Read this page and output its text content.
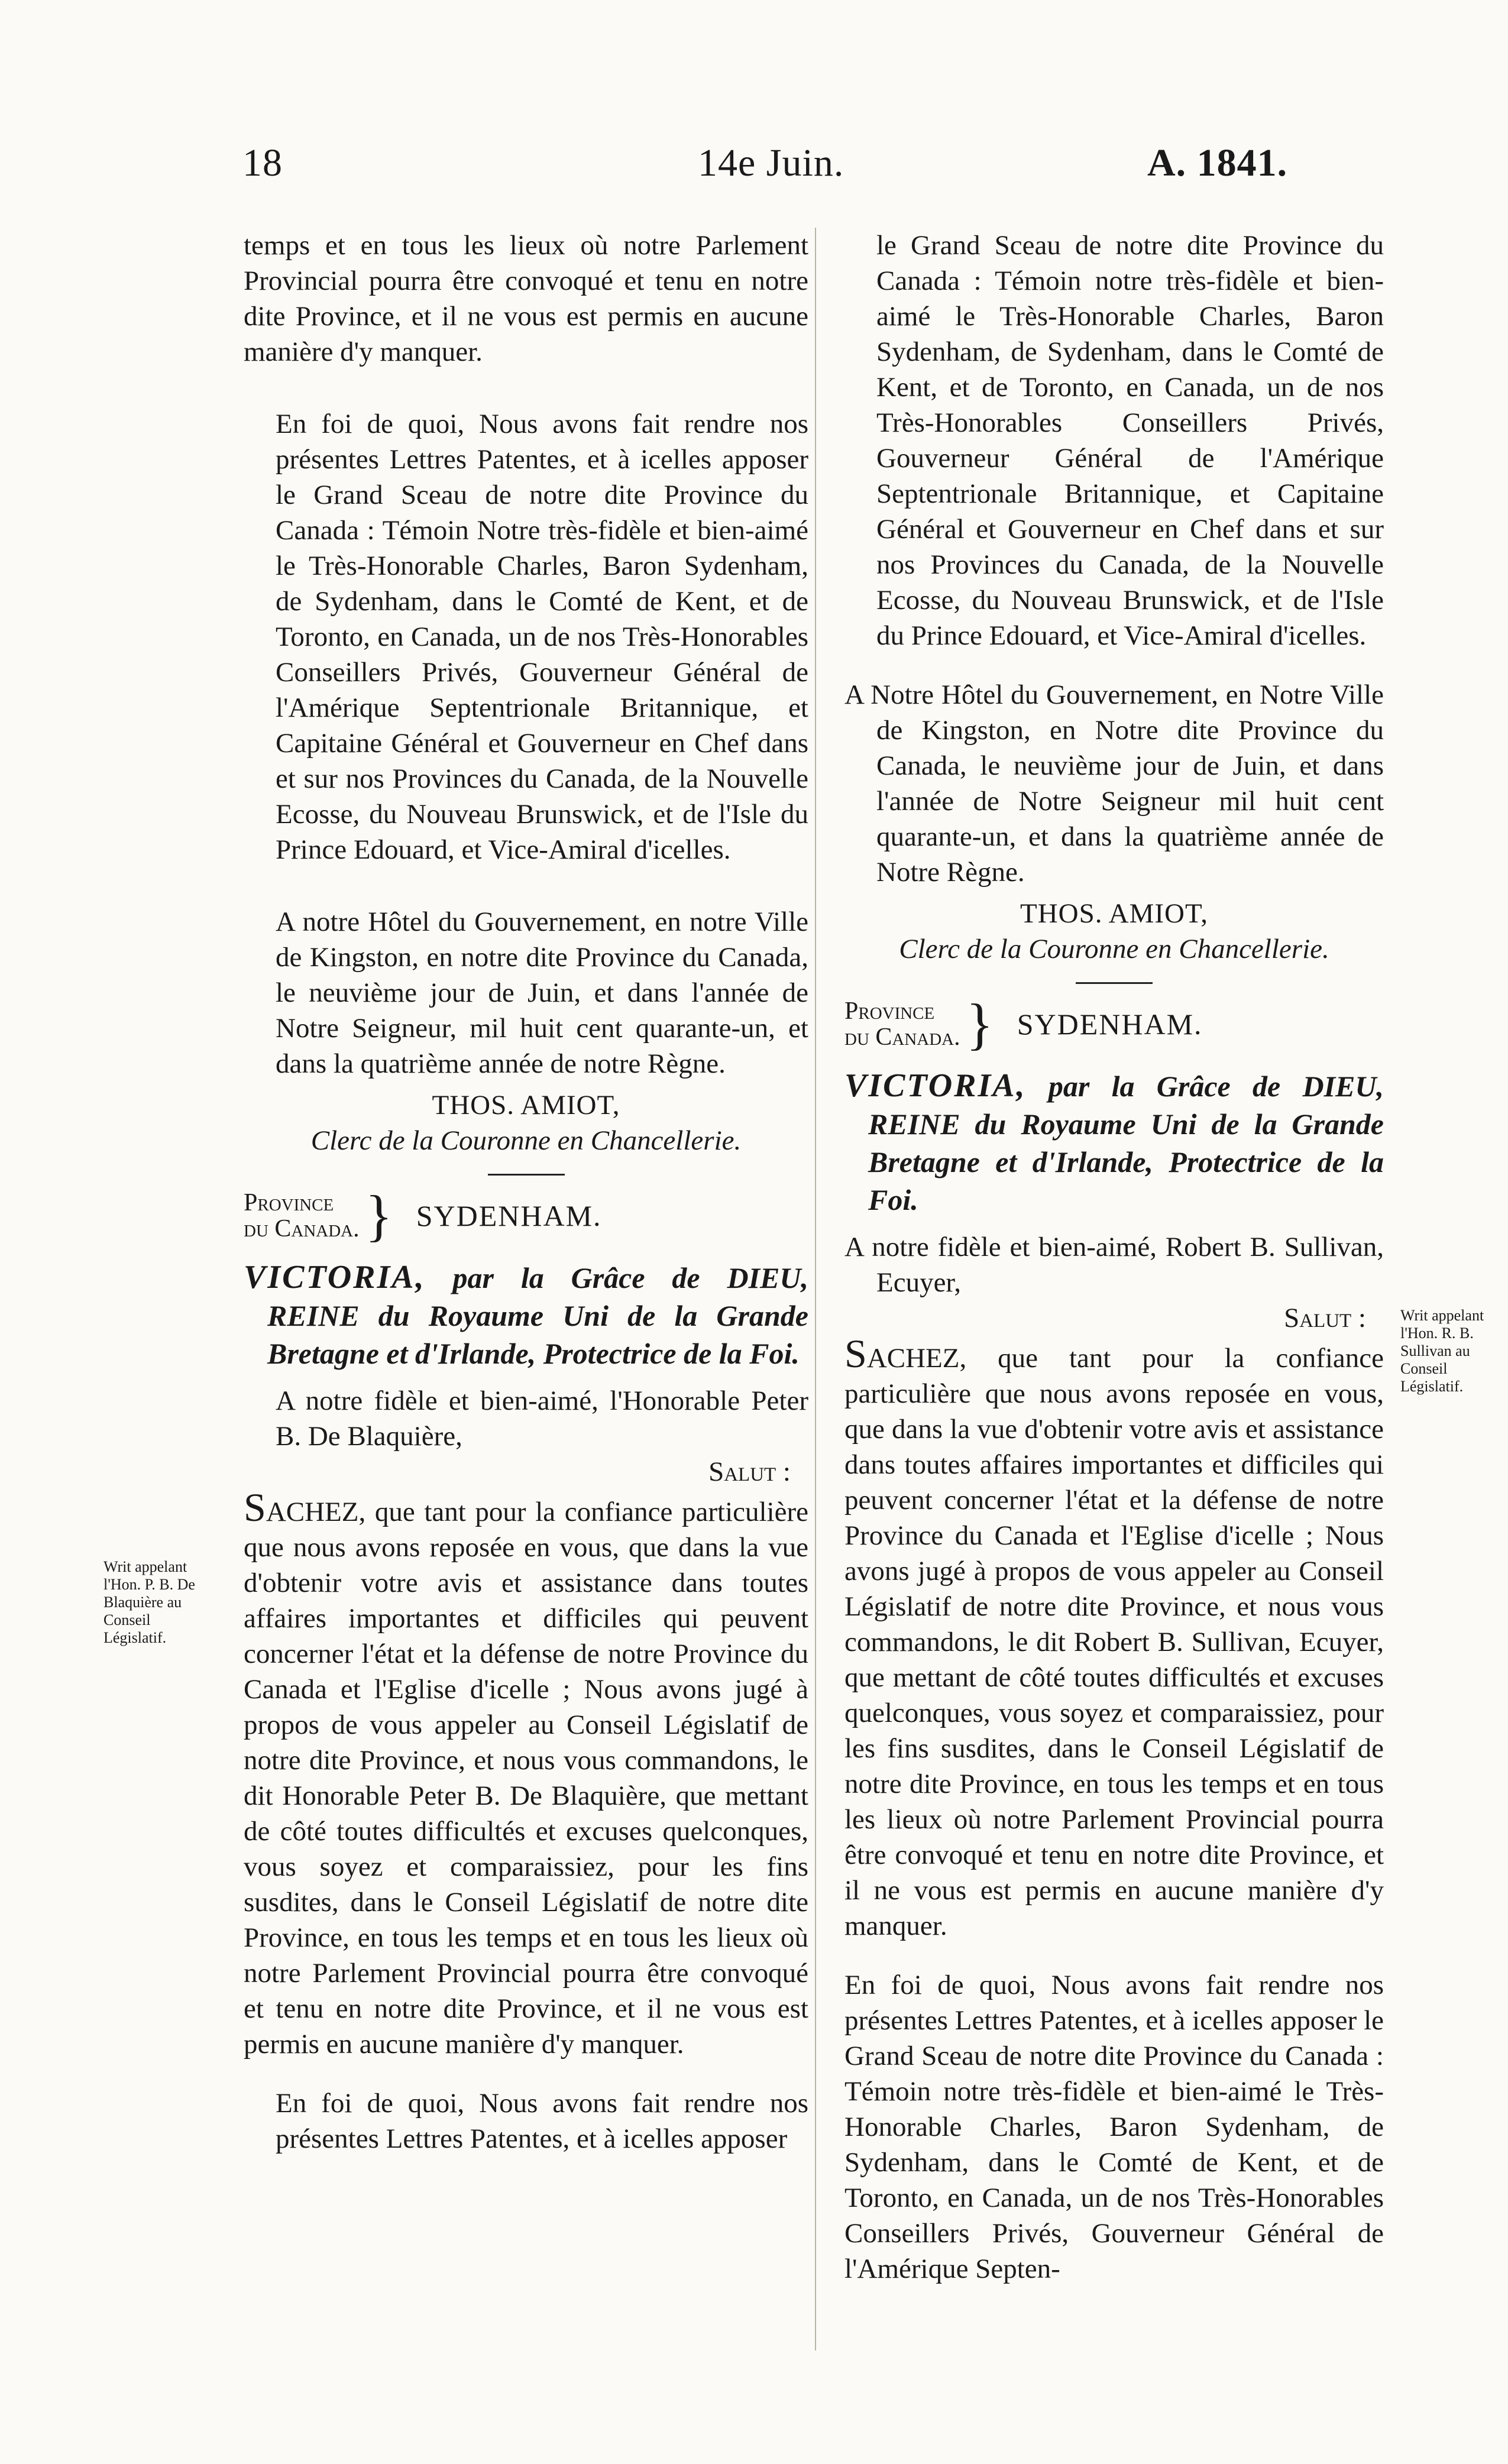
18	14e Juin.	A. 1841.
Writ appelant l'Hon. P. B. De Blaquière au Conseil Législatif.
Writ appelant l'Hon. R. B. Sullivan au Conseil Législatif.

temps et en tous les lieux où notre Parlement Provincial pourra être convoqué et tenu en notre dite Province, et il ne vous est permis en aucune manière d'y manquer.

En foi de quoi, Nous avons fait rendre nos présentes Lettres Patentes, et à icelles apposer le Grand Sceau de notre dite Province du Canada : Témoin Notre très-fidèle et bien-aimé le Très-Honorable Charles, Baron Sydenham, de Sydenham, dans le Comté de Kent, et de Toronto, en Canada, un de nos Très-Honorables Conseillers Privés, Gouverneur Général de l'Amérique Septentrionale Britannique, et Capitaine Général et Gouverneur en Chef dans et sur nos Provinces du Canada, de la Nouvelle Ecosse, du Nouveau Brunswick, et de l'Isle du Prince Edouard, et Vice-Amiral d'icelles.

A notre Hôtel du Gouvernement, en notre Ville de Kingston, en notre dite Province du Canada, le neuvième jour de Juin, et dans l'année de Notre Seigneur, mil huit cent quarante-un, et dans la quatrième année de notre Règne.

THOS. AMIOT,
Clerc de la Couronne en Chancellerie.
Province
du Canada. } SYDENHAM.
VICTORIA, par la Grâce de DIEU, REINE du Royaume Uni de la Grande Bretagne et d'Irlande, Protectrice de la Foi.

A notre fidèle et bien-aimé, l'Honorable Peter B. De Blaquière,

Salut :

SACHEZ, que tant pour la confiance particulière que nous avons reposée en vous, que dans la vue d'obtenir votre avis et assistance dans toutes affaires importantes et difficiles qui peuvent concerner l'état et la défense de notre Province du Canada et l'Eglise d'icelle ; Nous avons jugé à propos de vous appeler au Conseil Législatif de notre dite Province, et nous vous commandons, le dit Honorable Peter B. De Blaquière, que mettant de côté toutes difficultés et excuses quelconques, vous soyez et comparaissiez, pour les fins susdites, dans le Conseil Législatif de notre dite Province, en tous les temps et en tous les lieux où notre Parlement Provincial pourra être convoqué et tenu en notre dite Province, et il ne vous est permis en aucune manière d'y manquer.

En foi de quoi, Nous avons fait rendre nos présentes Lettres Patentes, et à icelles apposer

le Grand Sceau de notre dite Province du Canada : Témoin notre très-fidèle et bien-aimé le Très-Honorable Charles, Baron Sydenham, de Sydenham, dans le Comté de Kent, et de Toronto, en Canada, un de nos Très-Honorables Conseillers Privés, Gouverneur Général de l'Amérique Septentrionale Britannique, et Capitaine Général et Gouverneur en Chef dans et sur nos Provinces du Canada, de la Nouvelle Ecosse, du Nouveau Brunswick, et de l'Isle du Prince Edouard, et Vice-Amiral d'icelles.

A Notre Hôtel du Gouvernement, en Notre Ville de Kingston, en Notre dite Province du Canada, le neuvième jour de Juin, et dans l'année de Notre Seigneur mil huit cent quarante-un, et dans la quatrième année de Notre Règne.

THOS. AMIOT,
Clerc de la Couronne en Chancellerie.
Province
du Canada. } SYDENHAM.
VICTORIA, par la Grâce de DIEU, REINE du Royaume Uni de la Grande Bretagne et d'Irlande, Protectrice de la Foi.

A notre fidèle et bien-aimé, Robert B. Sullivan, Ecuyer,

Salut :

SACHEZ, que tant pour la confiance particulière que nous avons reposée en vous, que dans la vue d'obtenir votre avis et assistance dans toutes affaires importantes et difficiles qui peuvent concerner l'état et la défense de notre Province du Canada et l'Eglise d'icelle ; Nous avons jugé à propos de vous appeler au Conseil Législatif de notre dite Province, et nous vous commandons, le dit Robert B. Sullivan, Ecuyer, que mettant de côté toutes difficultés et excuses quelconques, vous soyez et comparaissiez, pour les fins susdites, dans le Conseil Législatif de notre dite Province, en tous les temps et en tous les lieux où notre Parlement Provincial pourra être convoqué et tenu en notre dite Province, et il ne vous est permis en aucune manière d'y manquer.

En foi de quoi, Nous avons fait rendre nos présentes Lettres Patentes, et à icelles apposer le Grand Sceau de notre dite Province du Canada : Témoin notre très-fidèle et bien-aimé le Très-Honorable Charles, Baron Sydenham, de Sydenham, dans le Comté de Kent, et de Toronto, en Canada, un de nos Très-Honorables Conseillers Privés, Gouverneur Général de l'Amérique Septen-
